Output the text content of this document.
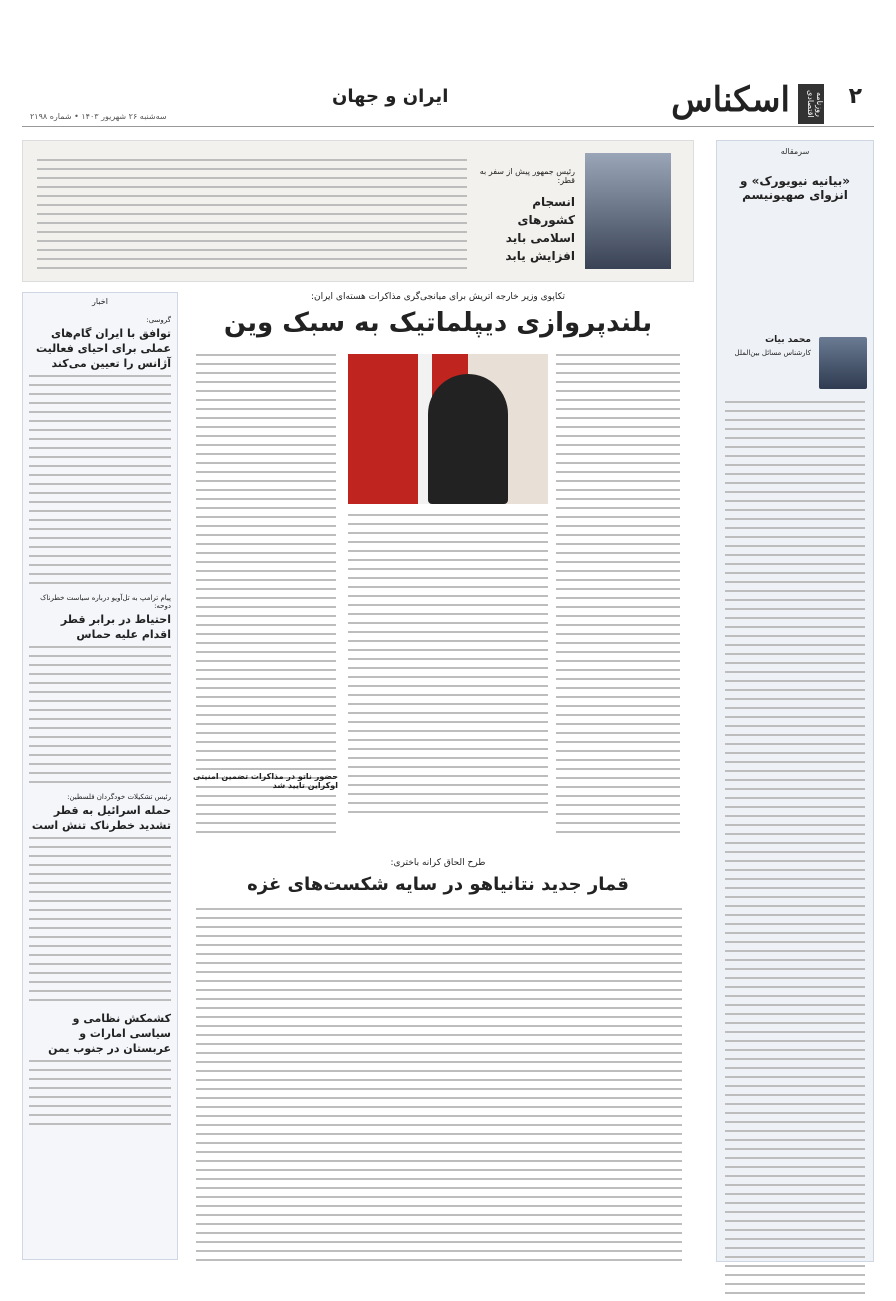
۲
روزنامه اقتصادی
اسکناس
ایران و جهان
سه‌شنبه ۲۶ شهریور ۱۴۰۳ • شماره ۲۱۹۸
سرمقاله
«بیانیه نیویورک» و انزوای صهیونیسم
محمد بیات
کارشناس مسائل بین‌الملل
رئیس جمهور پیش از سفر به قطر:
انسجام کشورهای اسلامی باید افزایش یابد
اخبار
گروسی:
توافق با ایران گام‌های عملی برای احیای فعالیت آژانس را تعیین می‌کند
پیام ترامپ به تل‌آویو درباره ‌سیاست خطرناک دوحه:
احتیاط در برابر قطر اقدام علیه حماس
رئیس تشکیلات خودگردان فلسطین:
حمله اسرائیل به قطر تشدید خطرناک تنش است
کشمکش نظامی و سیاسی امارات و عربستان در جنوب یمن
تکاپوی وزیر خارجه اتریش برای میانجی‌گری مذاکرات هسته‌ای ایران:
بلندپروازی دیپلماتیک به سبک وین
حضور ناتو در مذاکرات تضمین امنیتی اوکراین تایید شد
طرح الحاق کرانه باختری:
قمار جدید نتانیاهو در سایه شکست‌های غزه
